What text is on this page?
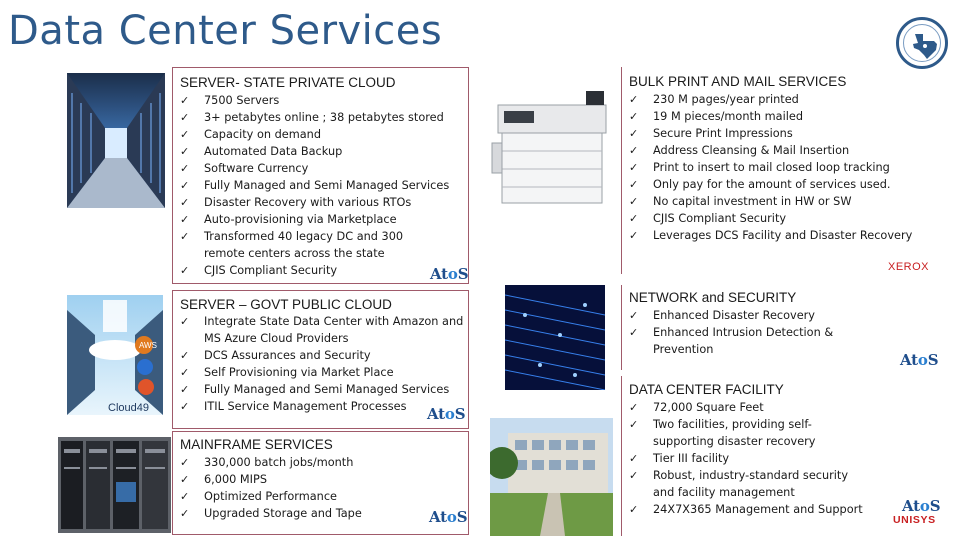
Data Center Services
AWS
Cloud49
SERVER- STATE PRIVATE CLOUD
✓ 7500 Servers
✓ 3+ petabytes online ; 38 petabytes stored
✓ Capacity on demand
✓ Automated Data Backup
✓ Software Currency
✓ Fully Managed and Semi Managed Services
✓ Disaster Recovery with various RTOs
✓ Auto-provisioning via Marketplace
✓ Transformed 40 legacy DC and 300 remote centers across the state
✓ CJIS Compliant Security	AtoS
SERVER – GOVT PUBLIC CLOUD
✓ Integrate State Data Center with Amazon and MS Azure Cloud Providers
✓ DCS Assurances and Security
✓ Self Provisioning via Market Place
✓ Fully Managed and Semi Managed Services
✓ ITIL Service Management Processes	AtoS
MAINFRAME SERVICES
✓ 330,000 batch jobs/month
✓ 6,000 MIPS
✓ Optimized Performance
✓ Upgraded Storage and Tape	AtoS
BULK PRINT AND MAIL SERVICES
✓ 230 M pages/year printed
✓ 19 M pieces/month mailed
✓ Secure Print Impressions
✓ Address Cleansing & Mail Insertion
✓ Print to insert to mail closed loop tracking
✓ Only pay for the amount of services used.
✓ No capital investment in HW or SW
✓ CJIS Compliant Security
✓ Leverages DCS Facility and Disaster Recovery
XEROX
NETWORK and SECURITY
✓ Enhanced Disaster Recovery
✓ Enhanced Intrusion Detection & Prevention
AtoS
DATA CENTER FACILITY
✓ 72,000 Square Feet
✓ Two facilities, providing self-supporting disaster recovery
✓ Tier III facility
✓ Robust, industry-standard security and facility management
✓ 24X7X365 Management and Support	AtoS
UNISYS
